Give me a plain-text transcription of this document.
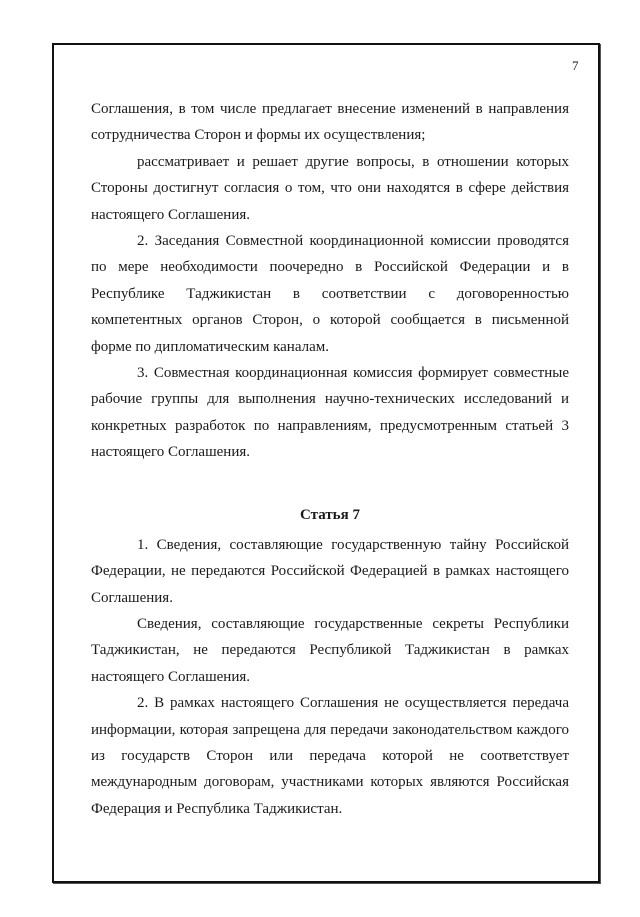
7

Соглашения, в том числе предлагает внесение изменений в направления сотрудничества Сторон и формы их осуществления;

рассматривает и решает другие вопросы, в отношении которых Стороны достигнут согласия о том, что они находятся в сфере действия настоящего Соглашения.

2. Заседания Совместной координационной комиссии проводятся по мере необходимости поочередно в Российской Федерации и в Республике Таджикистан в соответствии с договоренностью компетентных органов Сторон, о которой сообщается в письменной форме по дипломатическим каналам.

3. Совместная координационная комиссия формирует совместные рабочие группы для выполнения научно-технических исследований и конкретных разработок по направлениям, предусмотренным статьей 3 настоящего Соглашения.

Статья 7

1. Сведения, составляющие государственную тайну Российской Федерации, не передаются Российской Федерацией в рамках настоящего Соглашения.

Сведения, составляющие государственные секреты Республики Таджикистан, не передаются Республикой Таджикистан в рамках настоящего Соглашения.

2. В рамках настоящего Соглашения не осуществляется передача информации, которая запрещена для передачи законодательством каждого из государств Сторон или передача которой не соответствует международным договорам, участниками которых являются Российская Федерация и Республика Таджикистан.
